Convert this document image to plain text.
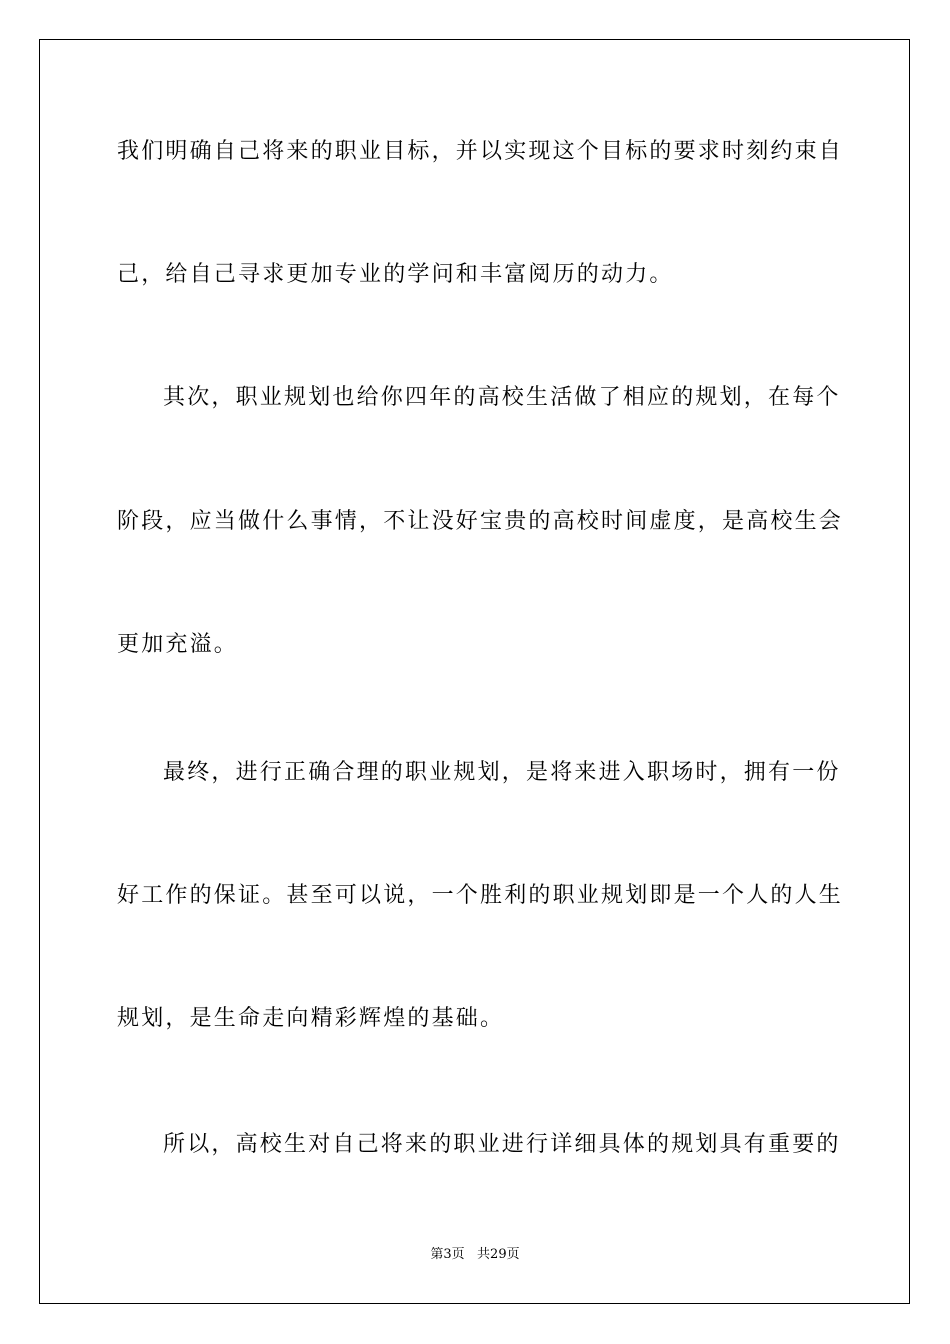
我们明确自己将来的职业目标，并以实现这个目标的要求时刻约束自
己，给自己寻求更加专业的学问和丰富阅历的动力。
其次，职业规划也给你四年的高校生活做了相应的规划，在每个
阶段，应当做什么事情，不让没好宝贵的高校时间虚度，是高校生会
更加充溢。
最终，进行正确合理的职业规划，是将来进入职场时，拥有一份
好工作的保证。甚至可以说，一个胜利的职业规划即是一个人的人生
规划，是生命走向精彩辉煌的基础。
所以，高校生对自己将来的职业进行详细具体的规划具有重要的
第3页   共29页
